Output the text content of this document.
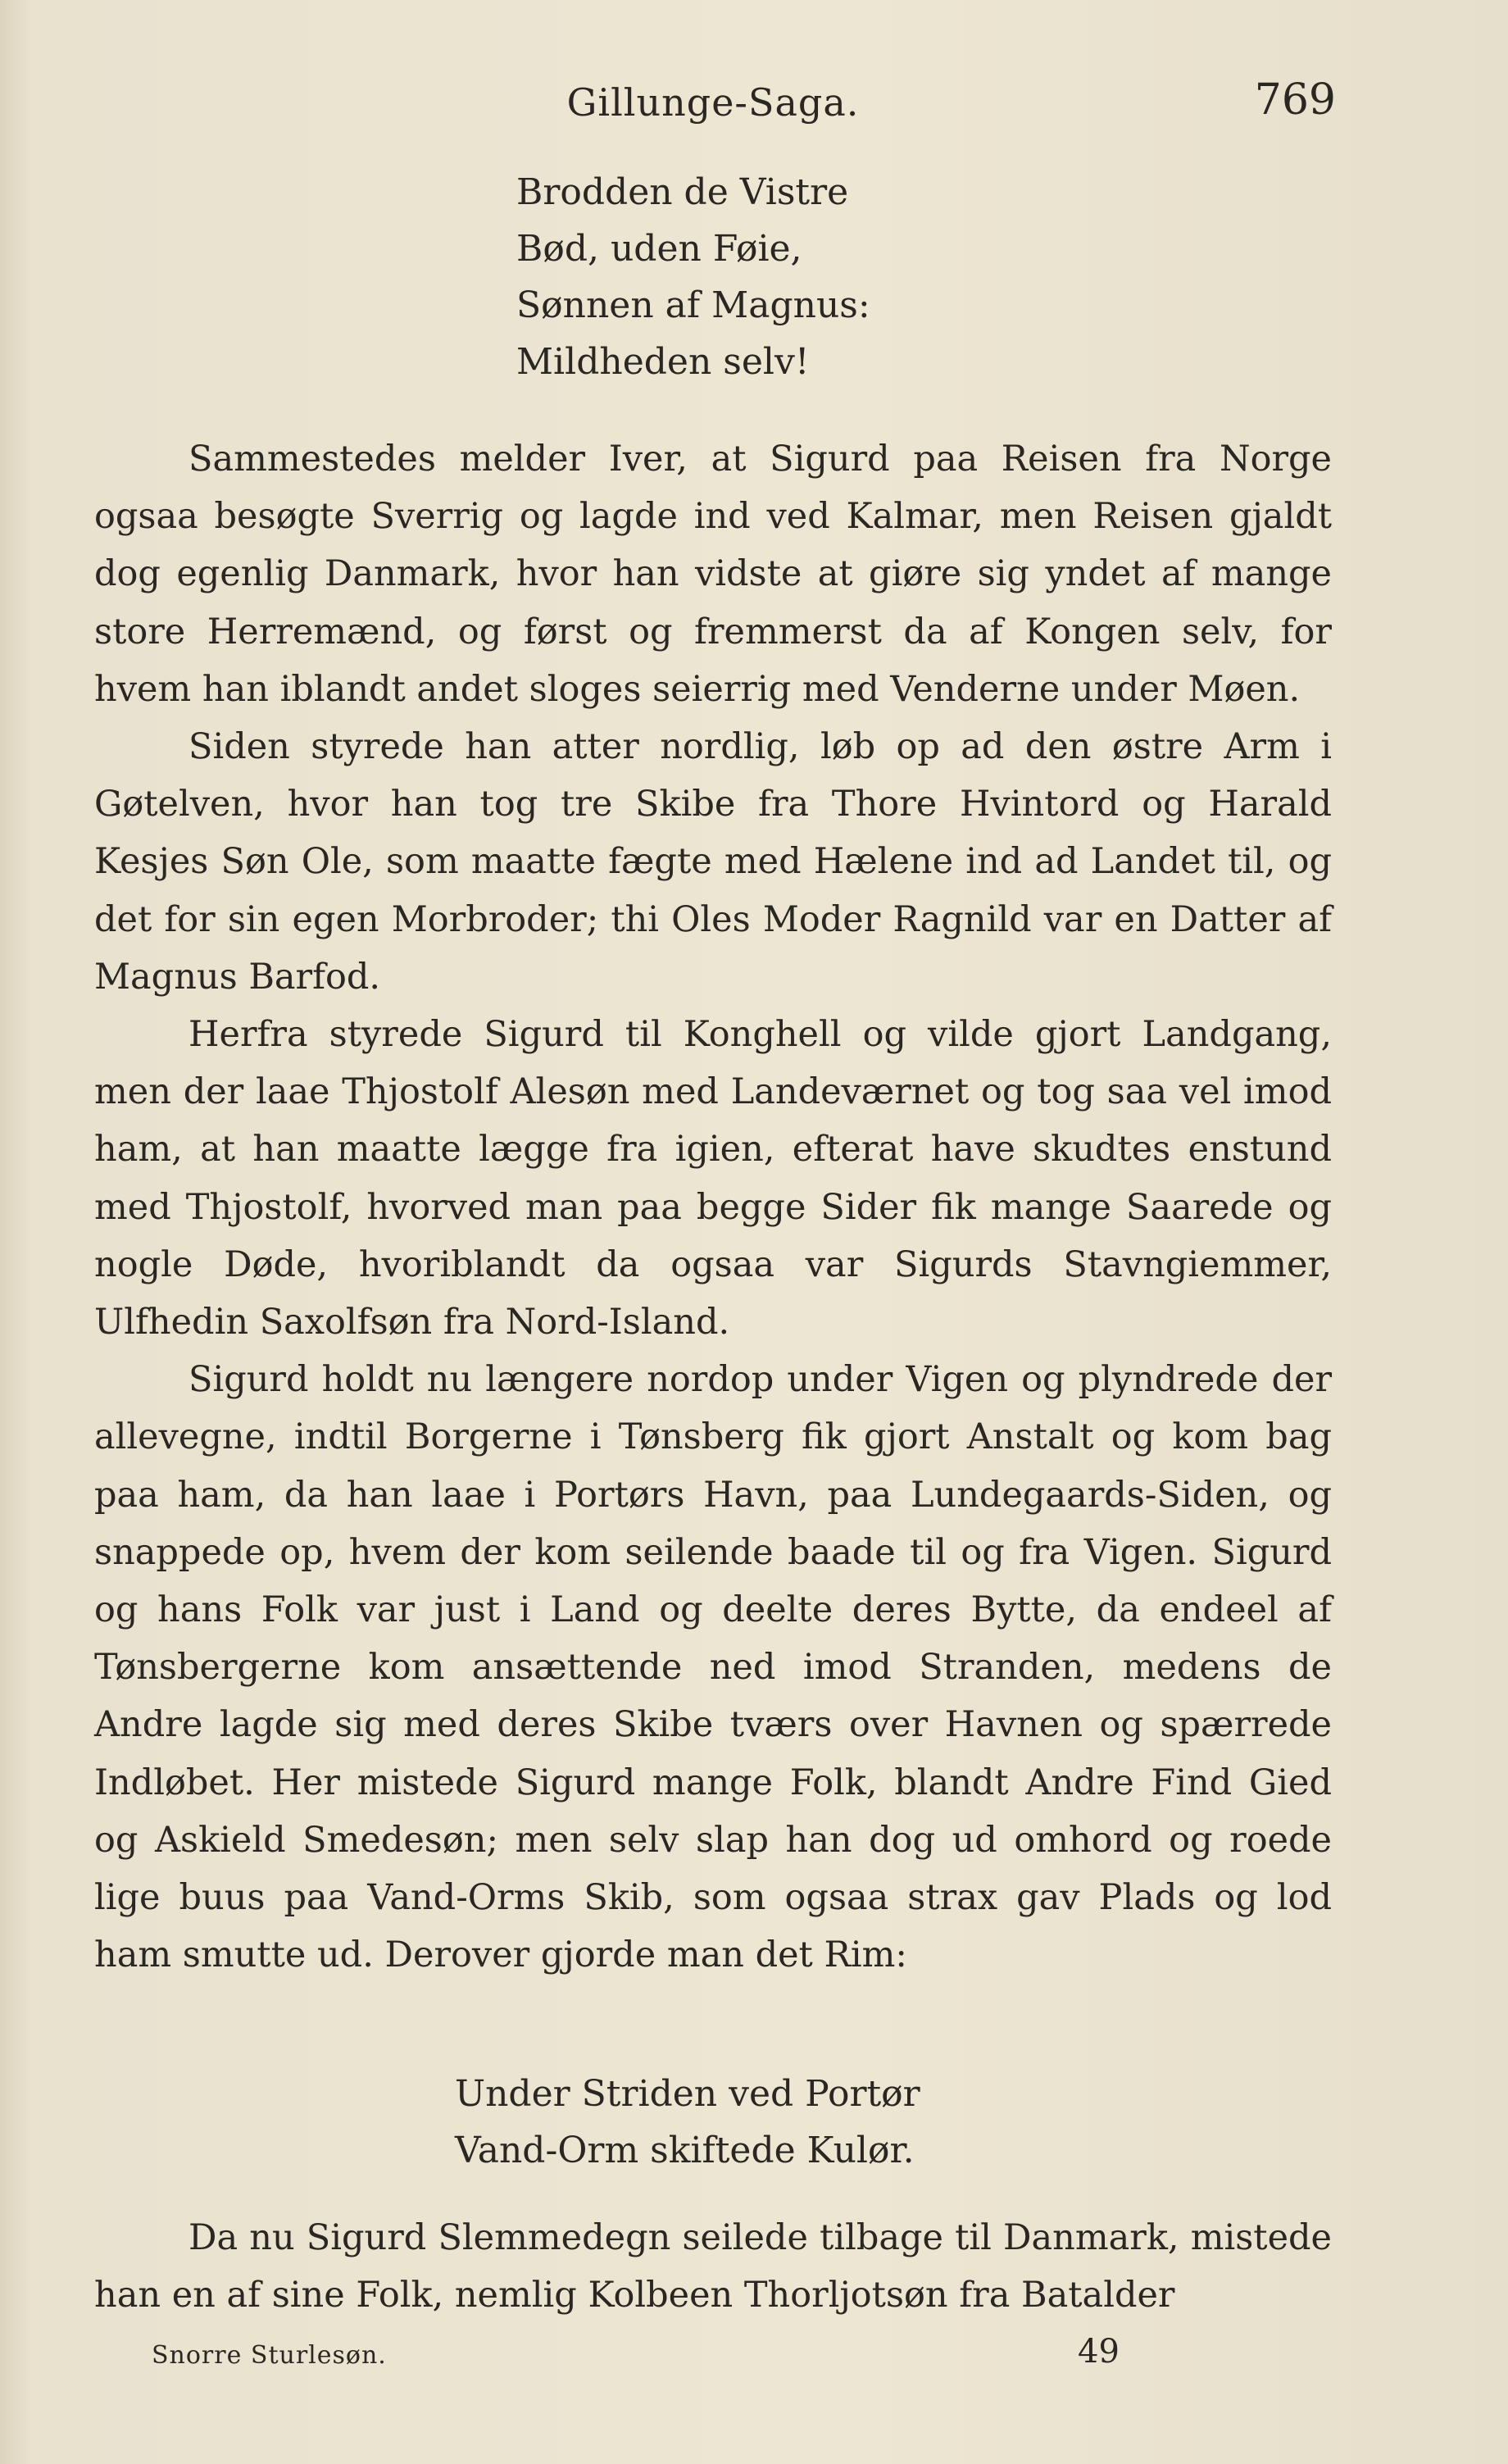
Gillunge-Saga.	769
Brodden de Vistre
Bød, uden Føie,
Sønnen af Magnus:
Mildheden selv!

Sammestedes melder Iver, at Sigurd paa Reisen fra Norge ogsaa besøgte Sverrig og lagde ind ved Kalmar, men Reisen gjaldt dog egenlig Danmark, hvor han vidste at giøre sig yndet af mange store Herremænd, og først og fremmerst da af Kongen selv, for hvem han iblandt andet sloges seierrig med Venderne under Møen.

Siden styrede han atter nordlig, løb op ad den østre Arm i Gøtelven, hvor han tog tre Skibe fra Thore Hvintord og Harald Kesjes Søn Ole, som maatte fægte med Hælene ind ad Landet til, og det for sin egen Morbroder; thi Oles Moder Ragnild var en Datter af Magnus Barfod.

Herfra styrede Sigurd til Konghell og vilde gjort Landgang, men der laae Thjostolf Alesøn med Landeværnet og tog saa vel imod ham, at han maatte lægge fra igien, efterat have skudtes enstund med Thjostolf, hvorved man paa begge Sider fik mange Saarede og nogle Døde, hvoriblandt da ogsaa var Sigurds Stavngiemmer, Ulfhedin Saxolfsøn fra Nord-Island.

Sigurd holdt nu længere nordop under Vigen og plyndrede der allevegne, indtil Borgerne i Tønsberg fik gjort Anstalt og kom bag paa ham, da han laae i Portørs Havn, paa Lundegaards-Siden, og snappede op, hvem der kom seilende baade til og fra Vigen. Sigurd og hans Folk var just i Land og deelte deres Bytte, da endeel af Tønsbergerne kom ansættende ned imod Stranden, medens de Andre lagde sig med deres Skibe tværs over Havnen og spærrede Indløbet. Her mistede Sigurd mange Folk, blandt Andre Find Gied og Askield Smedesøn; men selv slap han dog ud omhord og roede lige buus paa Vand-Orms Skib, som ogsaa strax gav Plads og lod ham smutte ud. Derover gjorde man det Rim:

Under Striden ved Portør
Vand-Orm skiftede Kulør.

Da nu Sigurd Slemmedegn seilede tilbage til Danmark, mistede han en af sine Folk, nemlig Kolbeen Thorljotsøn fra Batalder

Snorre Sturlesøn.	49
